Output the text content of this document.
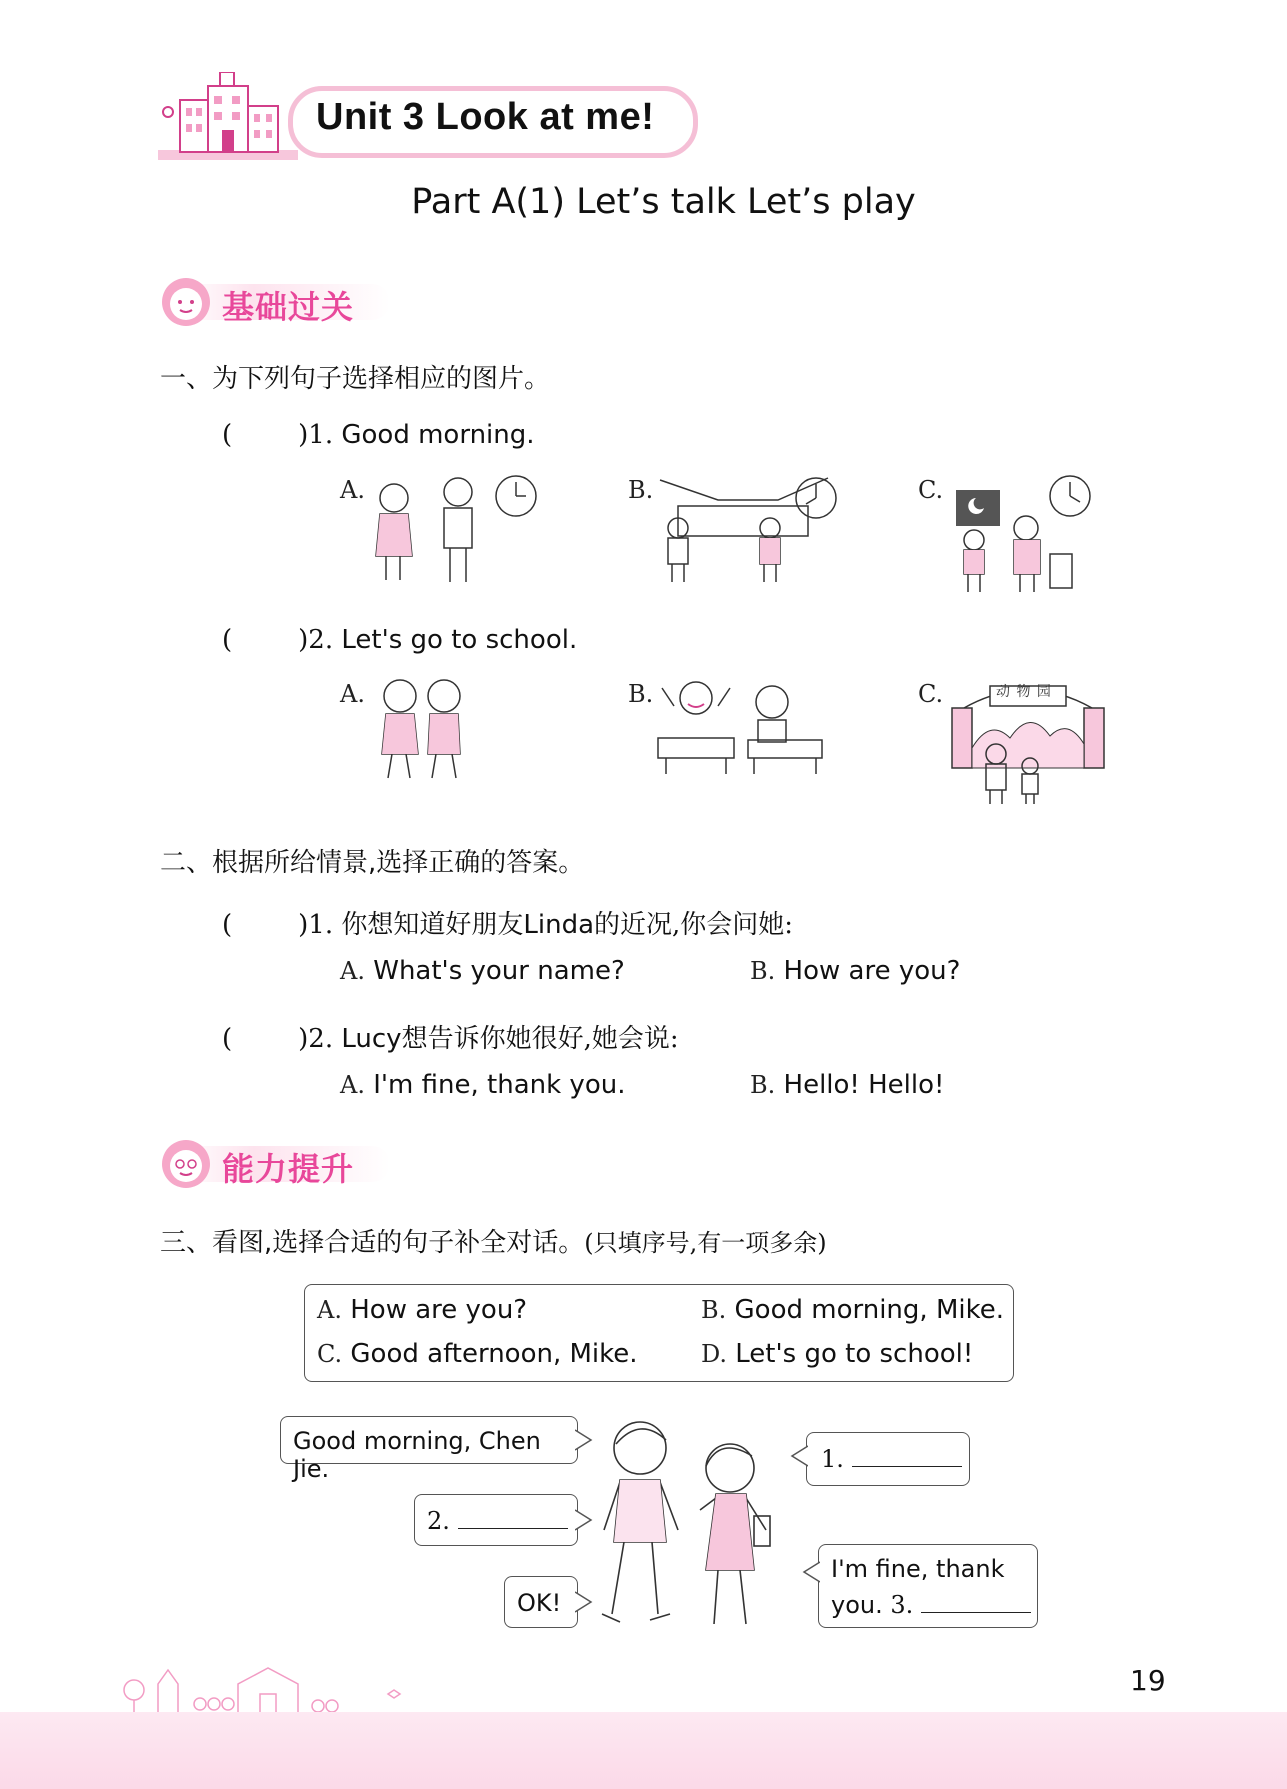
Unit 3 Look at me!
Part A(1) Let’s talk Let’s play
基础过关
一、为下列句子选择相应的图片。
(	)1. Good morning.
A.	B.	C.
(	)2. Let's go to school.
A.	B.	C.	动 物 园
二、根据所给情景,选择正确的答案。
(	)1. 你想知道好朋友Linda的近况,你会问她:
A. What's your name?	B. How are you?
(	)2. Lucy想告诉你她很好,她会说:
A. I'm fine, thank you.	B. Hello! Hello!
能力提升
三、看图,选择合适的句子补全对话。(只填序号,有一项多余)
A. How are you?	B. Good morning, Mike.
C. Good afternoon, Mike.	D. Let's go to school!
Good morning, Chen Jie.	1.
2.
OK!
I'm fine, thank
you. 3.
19
